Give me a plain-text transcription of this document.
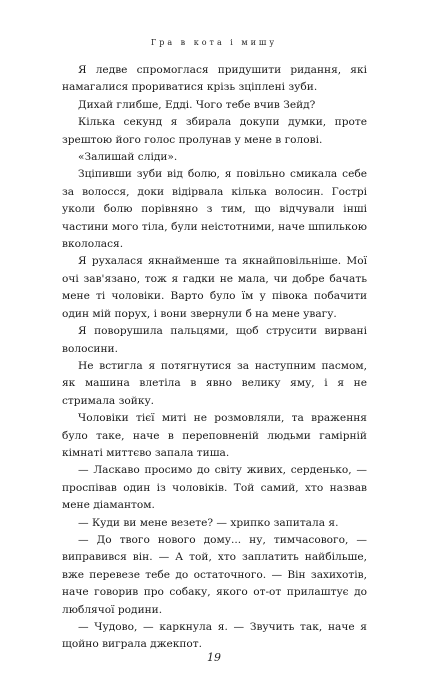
Гра в кота і мишу

Я ледве спромоглася придушити ридання, які намагалися прориватися крізь зціплені зуби.

Дихай глибше, Едді. Чого тебе вчив Зейд?

Кілька секунд я збирала докупи думки, проте зрештою його голос пролунав у мене в голові.

«Залишай сліди».

Зціпивши зуби від болю, я повільно смикала себе за волосся, доки відірвала кілька волосин. Гострі уколи болю порівняно з тим, що відчували інші частини мого тіла, були неістотними, наче шпилькою вкололася.

Я рухалася якнайменше та якнайповільніше. Мої очі зав'язано, тож я гадки не мала, чи добре бачать мене ті чоловіки. Варто було їм у півока побачити один мій порух, і вони звернули б на мене увагу.

Я поворушила пальцями, щоб струсити вирвані волосини.

Не встигла я потягнутися за наступним пасмом, як машина влетіла в явно велику яму, і я не стримала зойку.

Чоловіки тієї миті не розмовляли, та враження було таке, наче в переповненій людьми гамірній кімнаті миттєво запала тиша.

— Ласкаво просимо до світу живих, серденько, — проспівав один із чоловіків. Той самий, хто назвав мене діамантом.

— Куди ви мене везете? — хрипко запитала я.

— До твого нового дому... ну, тимчасового, — виправився він. — А той, хто заплатить найбільше, вже перевезе тебе до остаточного. — Він захихотів, наче говорив про собаку, якого от-от прилаштує до люблячої родини.

— Чудово, — каркнула я. — Звучить так, наче я щойно виграла джекпот.

19
